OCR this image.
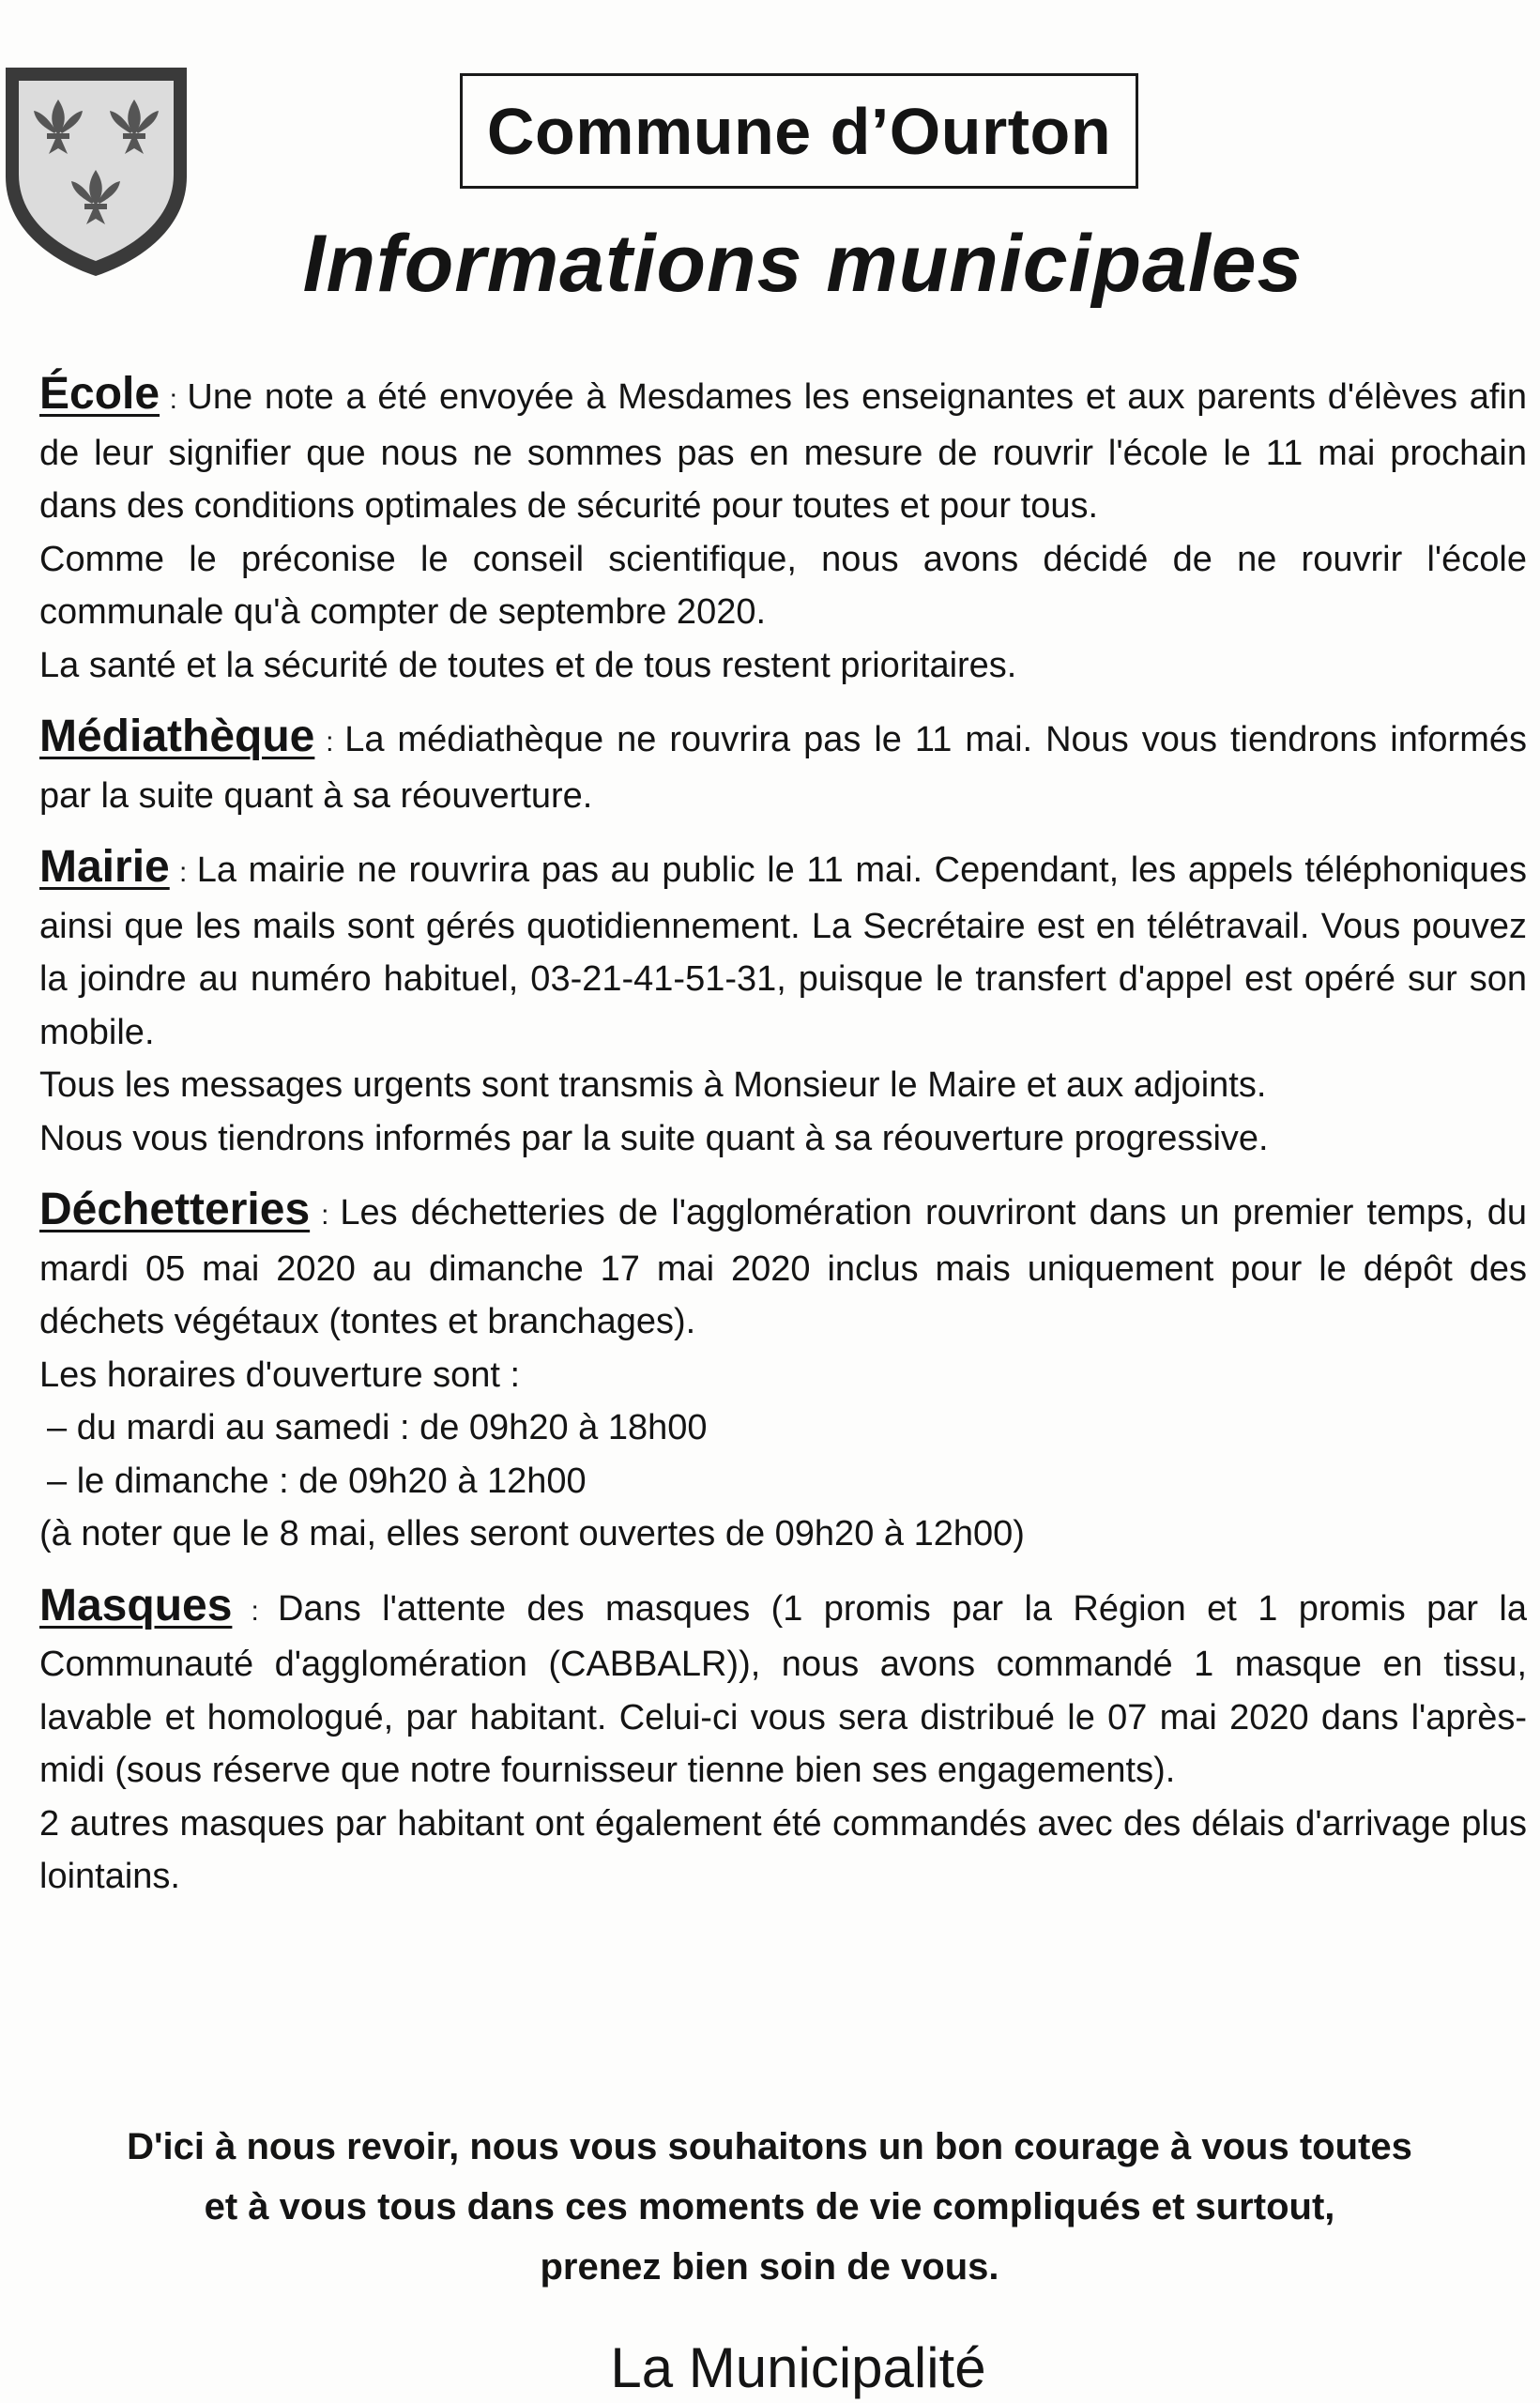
Commune d’Ourton
Informations municipales

École : Une note a été envoyée à Mesdames les enseignantes et aux parents d'élèves afin de leur signifier que nous ne sommes pas en mesure de rouvrir l'école le 11 mai prochain dans des conditions optimales de sécurité pour toutes et pour tous.

Comme le préconise le conseil scientifique, nous avons décidé de ne rouvrir l'école communale qu'à compter de septembre 2020.

La santé et la sécurité de toutes et de tous restent prioritaires.

Médiathèque : La médiathèque ne rouvrira pas le 11 mai. Nous vous tiendrons informés par la suite quant à sa réouverture.

Mairie : La mairie ne rouvrira pas au public le 11 mai. Cependant, les appels téléphoniques ainsi que les mails sont gérés quotidiennement. La Secrétaire est en télétravail. Vous pouvez la joindre au numéro habituel, 03-21-41-51-31, puisque le transfert d'appel est opéré sur son mobile.

Tous les messages urgents sont transmis à Monsieur le Maire et aux adjoints.

Nous vous tiendrons informés par la suite quant à sa réouverture progressive.

Déchetteries : Les déchetteries de l'agglomération rouvriront dans un premier temps, du mardi 05 mai 2020 au dimanche 17 mai 2020 inclus mais uniquement pour le dépôt des déchets végétaux (tontes et branchages).

Les horaires d'ouverture sont :

– du mardi au samedi : de 09h20 à 18h00

– le dimanche : de 09h20 à 12h00

(à noter que le 8 mai, elles seront ouvertes de 09h20 à 12h00)

Masques : Dans l'attente des masques (1 promis par la Région et 1 promis par la Communauté d'agglomération (CABBALR)), nous avons commandé 1 masque en tissu, lavable et homologué, par habitant. Celui-ci vous sera distribué le 07 mai 2020 dans l'après-midi (sous réserve que notre fournisseur tienne bien ses engagements).

2 autres masques par habitant ont également été commandés avec des délais d'arrivage plus lointains.

D'ici à nous revoir, nous vous souhaitons un bon courage à vous toutes
et à vous tous dans ces moments de vie compliqués et surtout,
prenez bien soin de vous.
La Municipalité
